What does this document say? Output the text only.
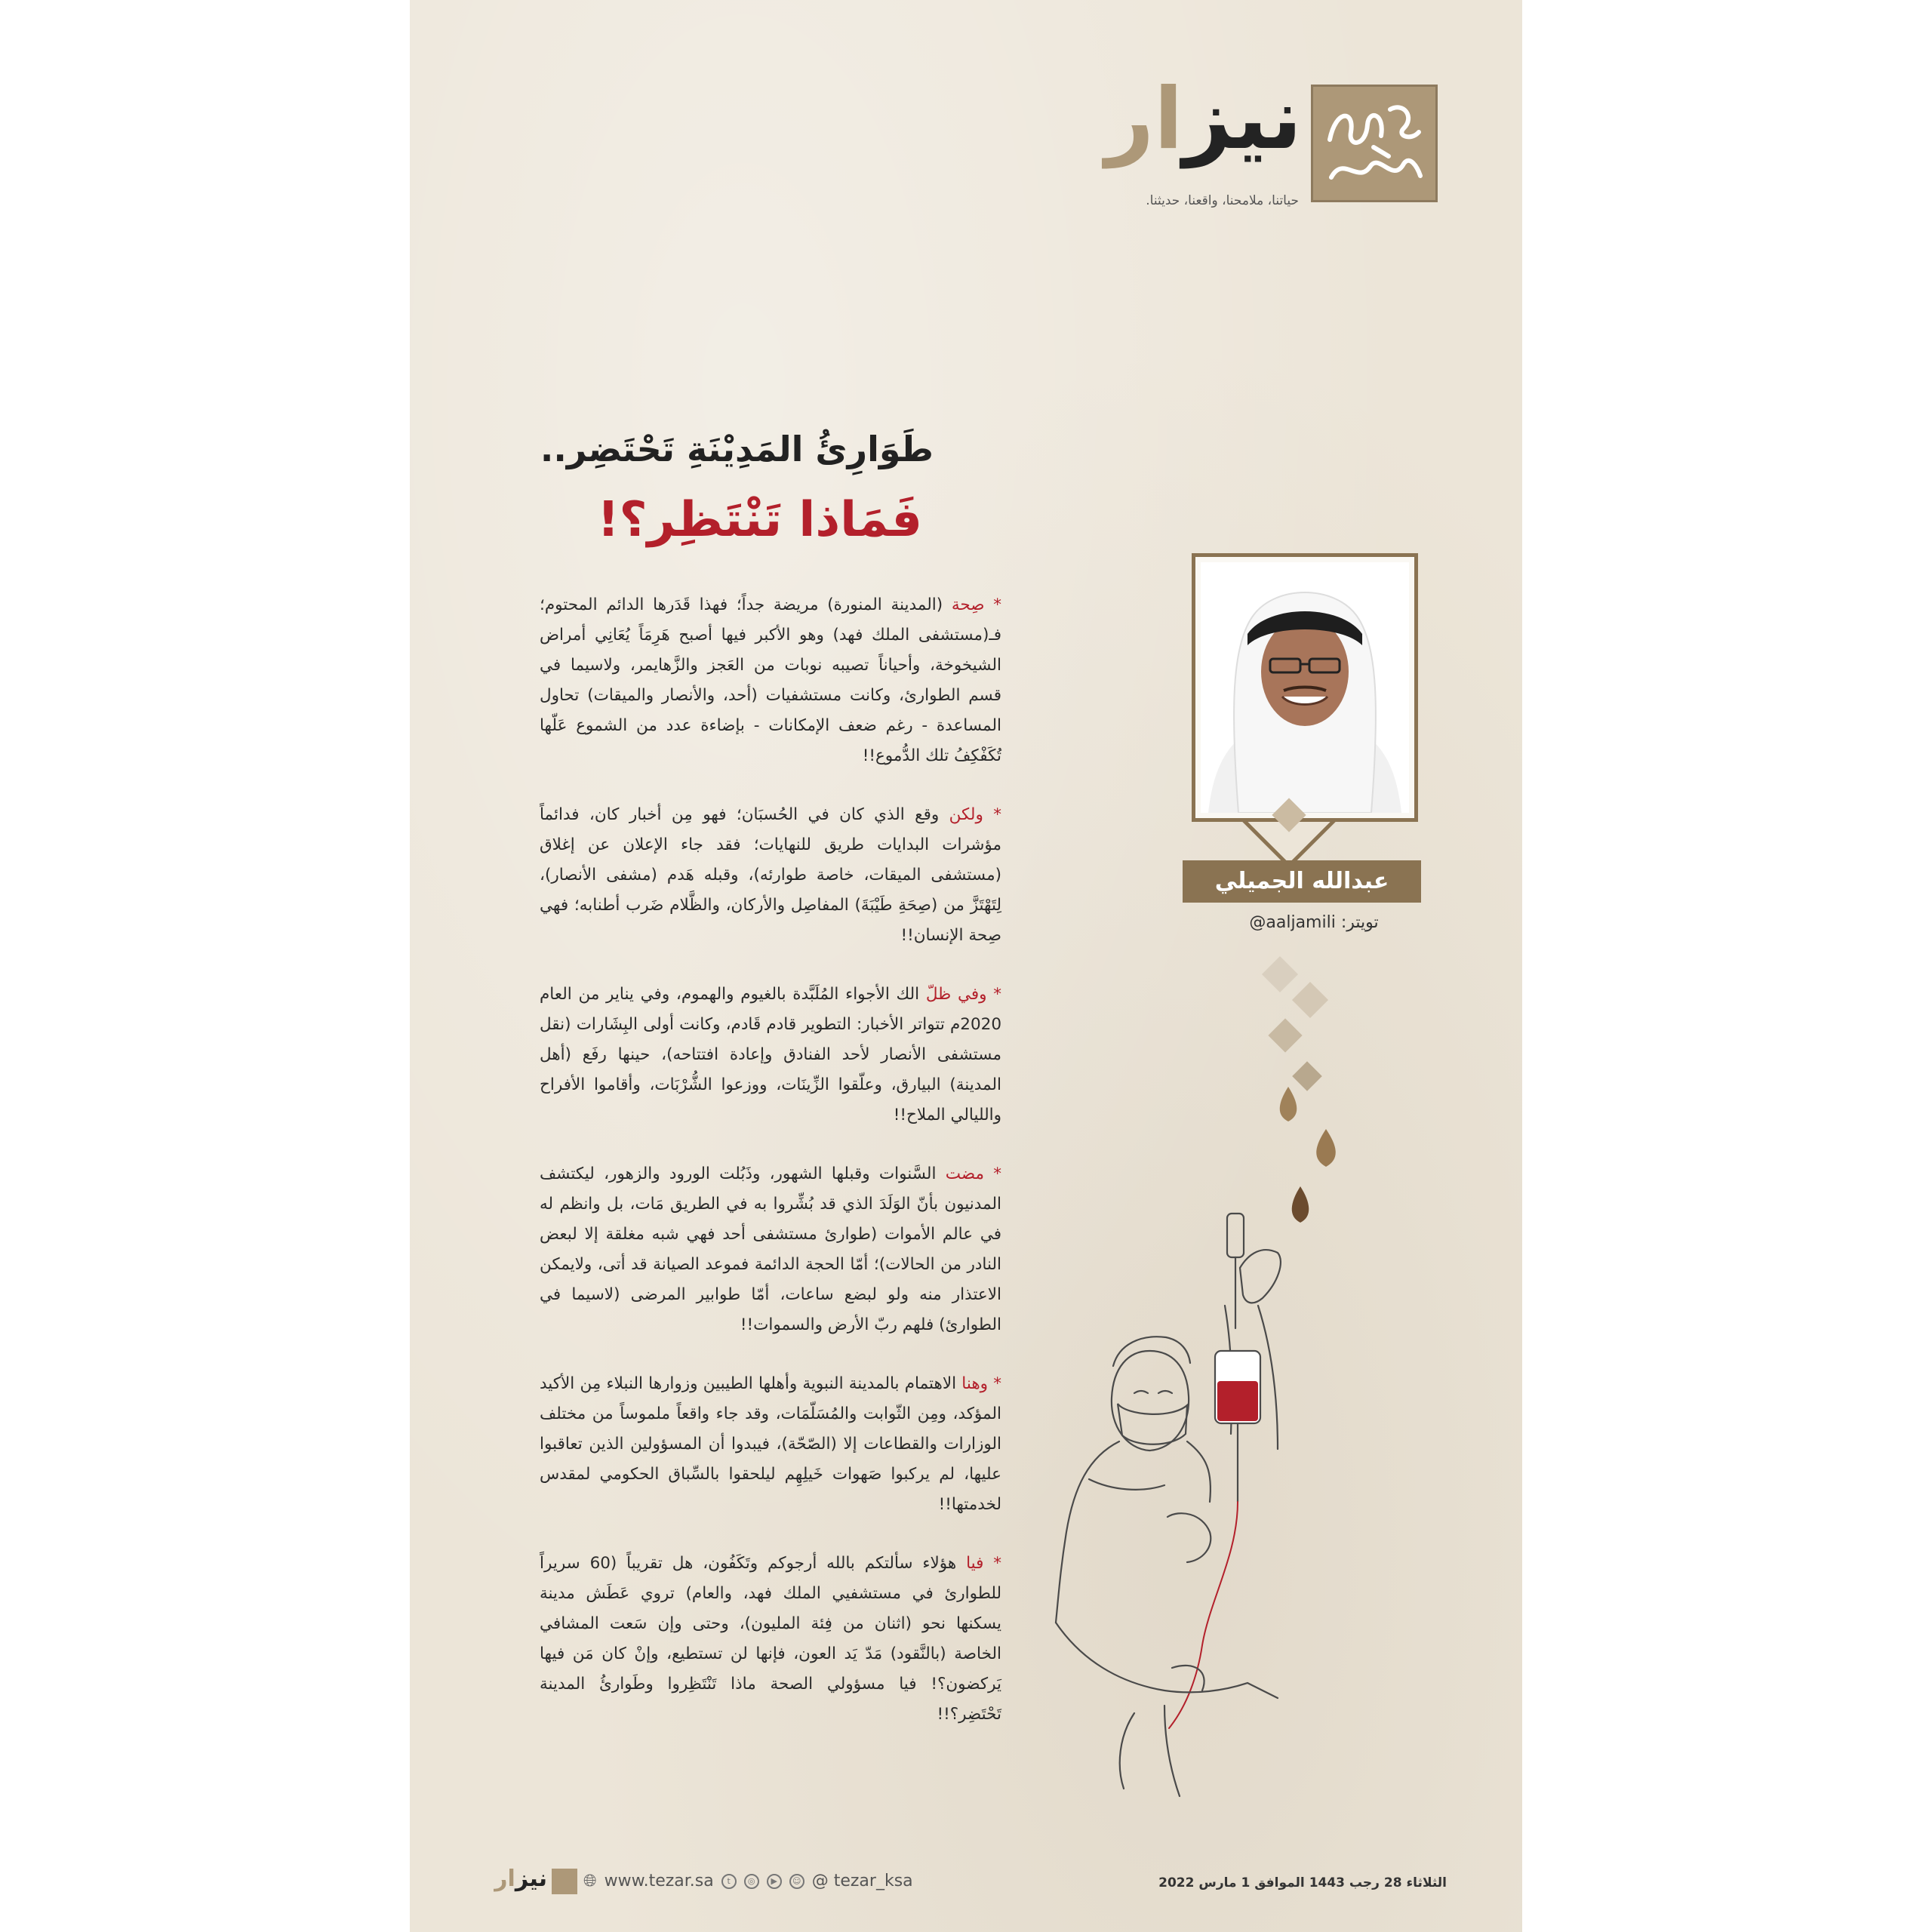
نيزار
حياتنا، ملامحنا، واقعنا، حديثنا.
طَوَارِئُ المَدِيْنَةِ تَحْتَضِر..
فَمَاذا تَنْتَظِر؟!

* صِحة (المدينة المنورة) مريضة جداً؛ فهذا قَدَرها الدائم المحتوم؛ فـ(مستشفى الملك فهد) وهو الأكبر فيها أصبح هَرِمَاً يُعَانِي أمراض الشيخوخة، وأحياناً تصيبه نوبات من العَجز والزَّهايمر، ولاسيما في قسم الطوارئ، وكانت مستشفيات (أحد، والأنصار والميقات) تحاول المساعدة - رغم ضعف الإمكانات - بإضاءة عدد من الشموع عَلّها تُكَفْكِفُ تلك الدُّموع!!

* ولكن وقع الذي كان في الحُسبَان؛ فهو مِن أخبار كان، فدائماً مؤشرات البدايات طريق للنهايات؛ فقد جاء الإعلان عن إغلاق (مستشفى الميقات، خاصة طوارئه)، وقبله هَدم (مشفى الأنصار)، لِتَهْتَزَّ من (صِحَةِ طَيْبَةَ) المفاصِل والأركان، والظَّلام ضَرب أطنابه؛ فهي صِحة الإنسان!!

* وفي ظلّ الك الأجواء المُلَبَّدة بالغيوم والهموم، وفي يناير من العام 2020م تتواتر الأخبار: التطوير قادم قَادم، وكانت أولى البِشَارات (نقل مستشفى الأنصار لأحد الفنادق وإعادة افتتاحه)، حينها رفَع (أهل المدينة) البيارق، وعلّقوا الزِّينَات، ووزعوا الشُّرْبَات، وأقاموا الأفراح والليالي الملاح!!

* مضت السَّنوات وقبلها الشهور، وذَبُلت الورود والزهور، ليكتشف المدنيون بأنّ الوَلَدَ الذي قد بُشِّروا به في الطريق مَات، بل وانظم له في عالم الأموات (طوارئ مستشفى أحد فهي شبه مغلقة إلا لبعض النادر من الحالات)؛ أمّا الحجة الدائمة فموعد الصيانة قد أتى، ولايمكن الاعتذار منه ولو لبضع ساعات، أمّا طوابير المرضى (لاسيما في الطوارئ) فلهم ربّ الأرض والسموات!!

* وهنا الاهتمام بالمدينة النبوية وأهلها الطيبين وزوارها النبلاء مِن الأكيد المؤكد، ومِن الثّوابت والمُسَلّمَات، وقد جاء واقعاً ملموساً من مختلف الوزارات والقطاعات إلا (الصّحّة)، فيبدوا أن المسؤولين الذين تعاقبوا عليها، لم يركبوا صَهوات خَيلِهِم ليلحقوا بالسِّباق الحكومي لمقدس لخدمتها!!

* فيا هؤلاء سألتكم بالله أرجوكم وتَكَفُون، هل تقريباً (60 سريراً للطوارئ في مستشفيي الملك فهد، والعام) تروي عَطَش مدينة يسكنها نحو (اثنان من فِئة المليون)، وحتى وإن سَعت المشافي الخاصة (بالنَّقود) مَدّ يَد العون، فإنها لن تستطيع، وإنْ كان مَن فيها يَركضون؟! فيا مسؤولي الصحة ماذا تَنْتَظِروا وطَوارئُ المدينة تَحْتَضِر؟!!

عبدالله الجميلي
تويتر: @aaljamili
نيزار	🌐︎ www.tezar.sa	t	◎	▶	☺ @ tezar_ksa	الثلاثاء 28 رجب 1443 الموافق 1 مارس 2022
